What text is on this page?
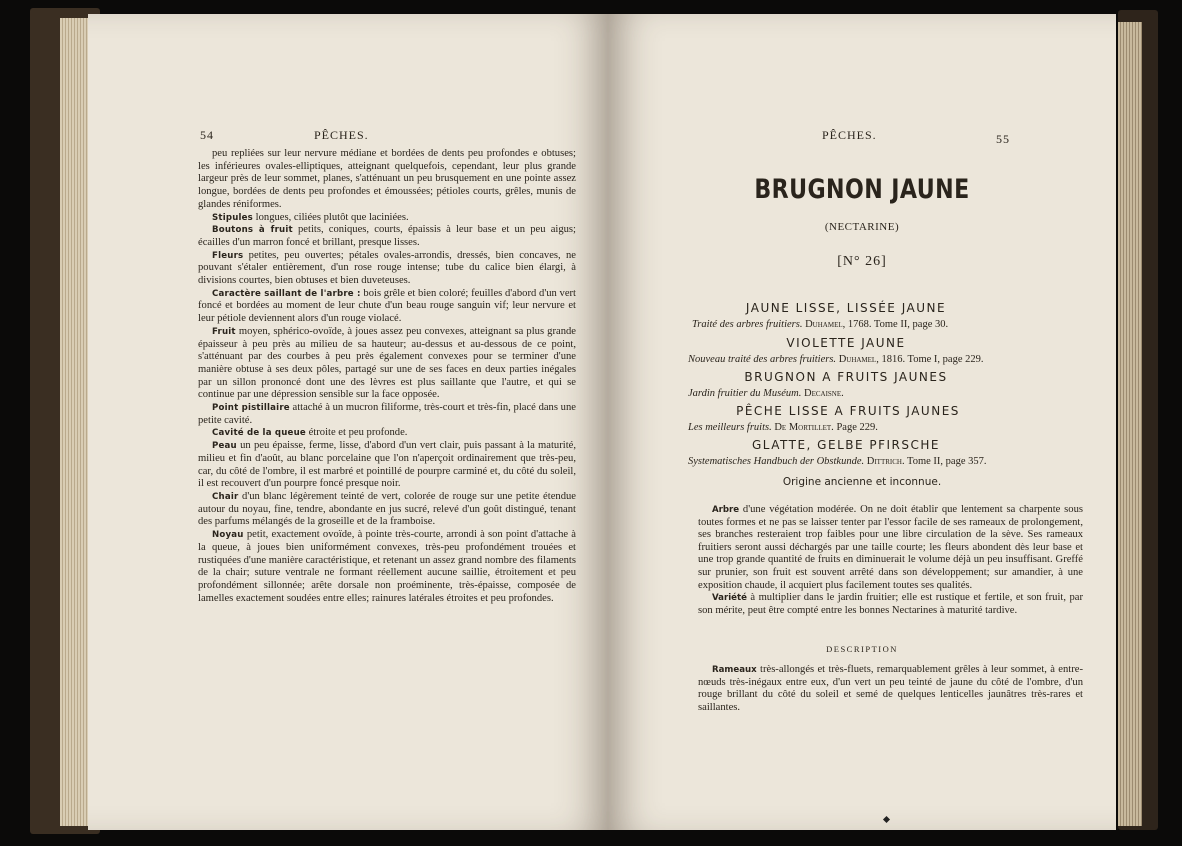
54	PÊCHES.

peu repliées sur leur nervure médiane et bordées de dents peu profondes e obtuses; les inférieures ovales-elliptiques, atteignant quelquefois, cependant, leur plus grande largeur près de leur sommet, planes, s'atténuant un peu brusquement en une pointe assez longue, bordées de dents peu profondes et émoussées; pétioles courts, grêles, munis de glandes réniformes.

Stipules longues, ciliées plutôt que laciniées.

Boutons à fruit petits, coniques, courts, épaissis à leur base et un peu aigus; écailles d'un marron foncé et brillant, presque lisses.

Fleurs petites, peu ouvertes; pétales ovales-arrondis, dressés, bien concaves, ne pouvant s'étaler entièrement, d'un rose rouge intense; tube du calice bien élargi, à divisions courtes, bien obtuses et bien duveteuses.

Caractère saillant de l'arbre : bois grêle et bien coloré; feuilles d'abord d'un vert foncé et bordées au moment de leur chute d'un beau rouge sanguin vif; leur nervure et leur pétiole deviennent alors d'un rouge violacé.

Fruit moyen, sphérico-ovoïde, à joues assez peu convexes, atteignant sa plus grande épaisseur à peu près au milieu de sa hauteur; au-dessus et au-dessous de ce point, s'atténuant par des courbes à peu près également convexes pour se terminer d'une manière obtuse à ses deux pôles, partagé sur une de ses faces en deux parties inégales par un sillon prononcé dont une des lèvres est plus saillante que l'autre, et qui se continue par une dépression sensible sur la face opposée.

Point pistillaire attaché à un mucron filiforme, très-court et très-fin, placé dans une petite cavité.

Cavité de la queue étroite et peu profonde.

Peau un peu épaisse, ferme, lisse, d'abord d'un vert clair, puis passant à la maturité, milieu et fin d'août, au blanc porcelaine que l'on n'aperçoit ordinairement que très-peu, car, du côté de l'ombre, il est marbré et pointillé de pourpre carminé et, du côté du soleil, il est recouvert d'un pourpre foncé presque noir.

Chair d'un blanc légèrement teinté de vert, colorée de rouge sur une petite étendue autour du noyau, fine, tendre, abondante en jus sucré, relevé d'un goût distingué, tenant des parfums mélangés de la groseille et de la framboise.

Noyau petit, exactement ovoïde, à pointe très-courte, arrondi à son point d'attache à la queue, à joues bien uniformément convexes, très-peu profondément trouées et rustiquées d'une manière caractéristique, et retenant un assez grand nombre des filaments de la chair; suture ventrale ne formant réellement aucune saillie, étroitement et peu profondément sillonnée; arête dorsale non proéminente, très-épaisse, composée de lamelles exactement soudées entre elles; rainures latérales étroites et peu profondes.

PÊCHES.	55
BRUGNON JAUNE
(NECTARINE)
[N° 26]
JAUNE LISSE, LISSÉE JAUNE
Traité des arbres fruitiers. Duhamel, 1768. Tome II, page 30.
VIOLETTE JAUNE
Nouveau traité des arbres fruitiers. Duhamel, 1816. Tome I, page 229.
BRUGNON A FRUITS JAUNES
Jardin fruitier du Muséum. Decaisne.
PÊCHE LISSE A FRUITS JAUNES
Les meilleurs fruits. De Mortillet. Page 229.
GLATTE, GELBE PFIRSCHE
Systematisches Handbuch der Obstkunde. Dittrich. Tome II, page 357.
Origine ancienne et inconnue.

Arbre d'une végétation modérée. On ne doit établir que lentement sa charpente sous toutes formes et ne pas se laisser tenter par l'essor facile de ses rameaux de prolongement, ses branches resteraient trop faibles pour une libre circulation de la sève. Ses rameaux fruitiers seront aussi déchargés par une taille courte; les fleurs abondent dès leur base et une trop grande quantité de fruits en diminuerait le volume déjà un peu insuffisant. Greffé sur prunier, son fruit est souvent arrêté dans son développement; sur amandier, à une exposition chaude, il acquiert plus facilement toutes ses qualités.

Variété à multiplier dans le jardin fruitier; elle est rustique et fertile, et son fruit, par son mérite, peut être compté entre les bonnes Nectarines à maturité tardive.

DESCRIPTION

Rameaux très-allongés et très-fluets, remarquablement grêles à leur sommet, à entre-nœuds très-inégaux entre eux, d'un vert un peu teinté de jaune du côté de l'ombre, d'un rouge brillant du côté du soleil et semé de quelques lenticelles jaunâtres très-rares et saillantes.
